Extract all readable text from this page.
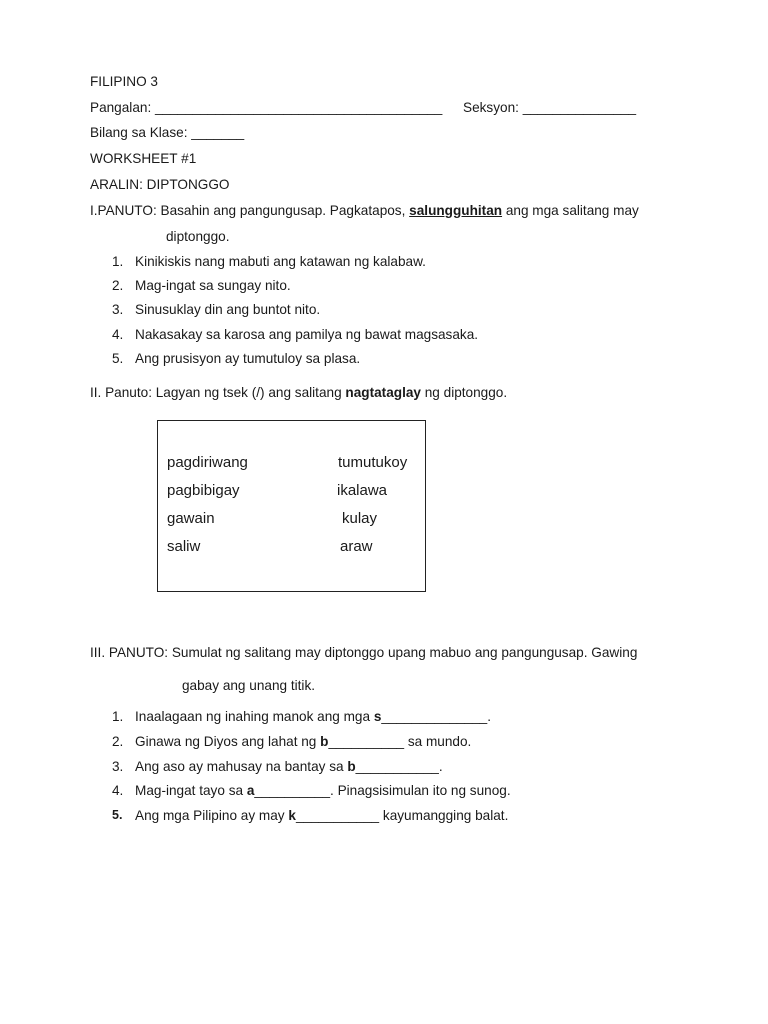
FILIPINO 3
Pangalan: ______________________________________ Seksyon: _______________
Bilang sa Klase: _______
WORKSHEET #1
ARALIN: DIPTONGGO
I.PANUTO: Basahin ang pangungusap. Pagkatapos, salungguhitan ang mga salitang may
diptonggo.
1. Kinikiskis nang mabuti ang katawan ng kalabaw.
2. Mag-ingat sa sungay nito.
3. Sinusuklay din ang buntot nito.
4. Nakasakay sa karosa ang pamilya ng bawat magsasaka.
5. Ang prusisyon ay tumutuloy sa plasa.
II. Panuto: Lagyan ng tsek (/) ang salitang nagtataglay ng diptonggo.
pagdiriwang
pagbibigay
gawain
saliw
tumutukoy
ikalawa
kulay
araw
III. PANUTO: Sumulat ng salitang may diptonggo upang mabuo ang pangungusap. Gawing
gabay ang unang titik.
1. Inaalagaan ng inahing manok ang mga s______________.
2. Ginawa ng Diyos ang lahat ng b__________ sa mundo.
3. Ang aso ay mahusay na bantay sa b___________.
4. Mag-ingat tayo sa a__________. Pinagsisimulan ito ng sunog.
5. Ang mga Pilipino ay may k___________ kayumangging balat.
